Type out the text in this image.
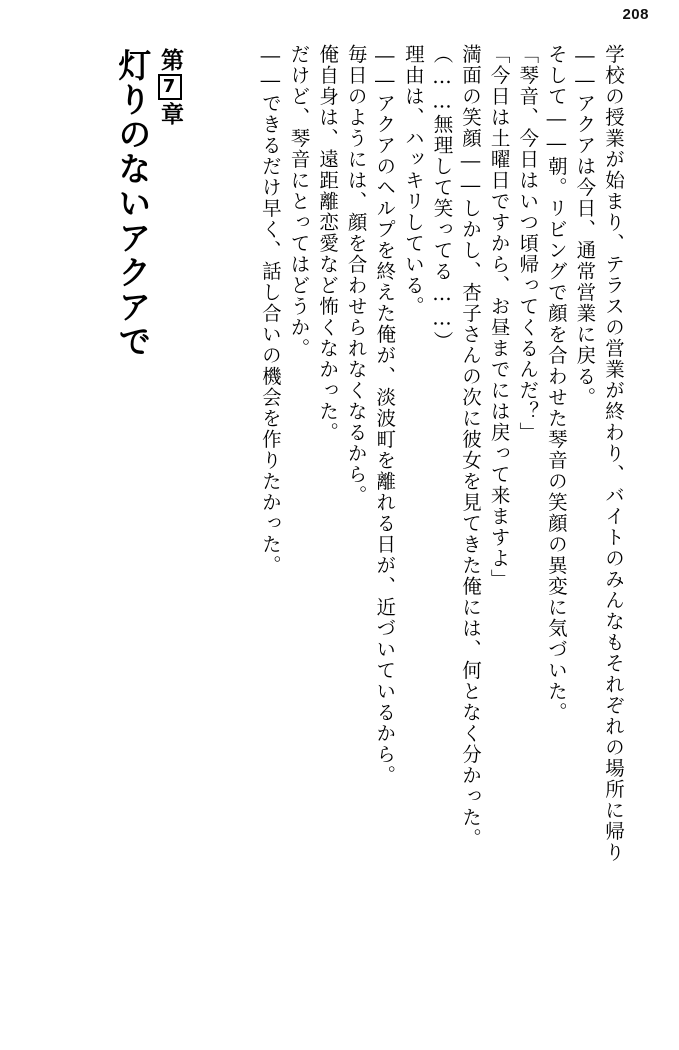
208
第7章
灯りのないアクアで	学校の授業が始まり、テラスの営業が終わり、バイトのみんなもそれぞれの場所に帰り
――アクアは今日、通常営業に戻る。
そして――朝。リビングで顔を合わせた琴音の笑顔の異変に気づいた。
「琴音、今日はいつ頃帰ってくるんだ？」
「今日は土曜日ですから、お昼までには戻って来ますよ」
満面の笑顔――しかし、杏子さんの次に彼女を見てきた俺には、何となく分かった。
（……無理して笑ってる……）
理由は、ハッキリしている。
――アクアのヘルプを終えた俺が、淡波町を離れる日が、近づいているから。
毎日のようには、顔を合わせられなくなるから。
俺自身は、遠距離恋愛など怖くなかった。
だけど、琴音にとってはどうか。
――できるだけ早く、話し合いの機会を作りたかった。
